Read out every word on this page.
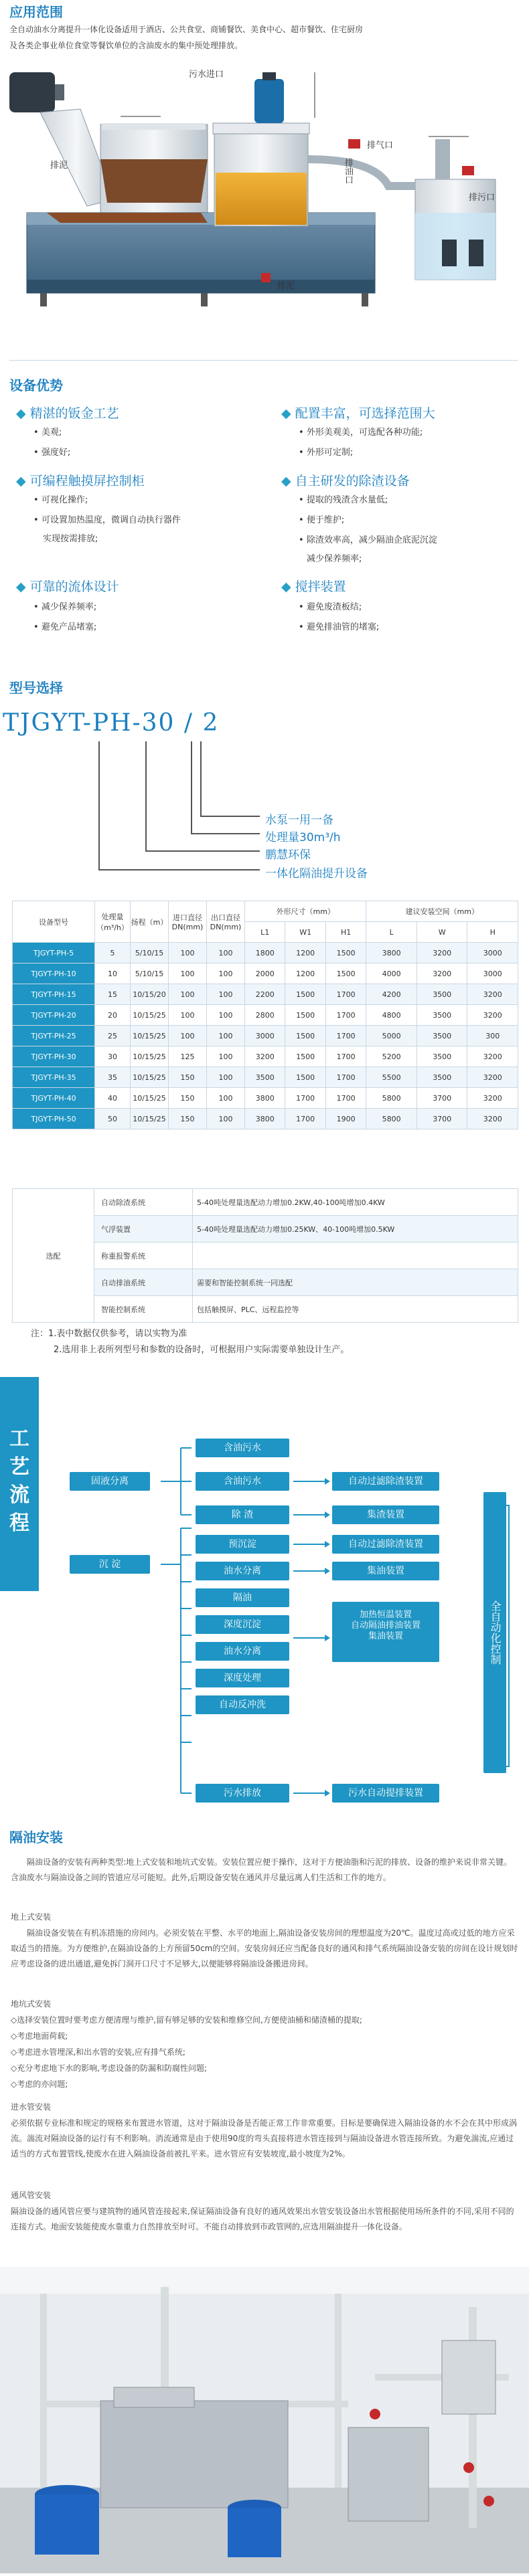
应用范围
全自动油水分离提升一体化设备适用于酒店、公共食堂、商铺餐饮、美食中心、超市餐饮、住宅厨房
及各类企事业单位食堂等餐饮单位的含油废水的集中预处理排放。
污水进口
排泥
排气口
排油口
排污口
排泥
设备优势
◆ 精湛的钣金工艺
• 美观;
• 强度好;
◆ 配置丰富，可选择范围大
• 外形美观美，可选配各种功能;
• 外形可定制;
◆ 可编程触摸屏控制柜
• 可视化操作;
• 可设置加热温度，微调自动执行器件
实现按需排放;
◆ 自主研发的除渣设备
• 提取的残渣含水量低;
• 便于维护;
• 除渣效率高，减少隔油企底泥沉淀
减少保养频率;
◆ 可靠的流体设计
• 减少保养频率;
• 避免产品堵塞;
◆ 搅拌装置
• 避免废渣板结;
• 避免排油管的堵塞;
型号选择
TJGYT-PH-30 / 2
水泵一用一备
处理量30m³/h
鹏慧环保
一体化隔油提升设备
设备型号	处理量（m³/h）	扬程（m）	进口直径DN(mm)	出口直径DN(mm)	外形尺寸（mm）			建议安装空间（mm）		
					L1	W1	H1	L	W	H
TJGYT-PH-5	5	5/10/15	100	100	1800	1200	1500	3800	3200	3000
TJGYT-PH-10	10	5/10/15	100	100	2000	1200	1500	4000	3200	3000
TJGYT-PH-15	15	10/15/20	100	100	2200	1500	1700	4200	3500	3200
TJGYT-PH-20	20	10/15/25	100	100	2800	1500	1700	4800	3500	3200
TJGYT-PH-25	25	10/15/25	100	100	3000	1500	1700	5000	3500	300
TJGYT-PH-30	30	10/15/25	125	100	3200	1500	1700	5200	3500	3200
TJGYT-PH-35	35	10/15/25	150	100	3500	1500	1700	5500	3500	3200
TJGYT-PH-40	40	10/15/25	150	100	3800	1700	1700	5800	3700	3200
TJGYT-PH-50	50	10/15/25	150	100	3800	1700	1900	5800	3700	3200
选配	自动除渣系统	5-40吨处理量选配动力增加0.2KW,40-100吨增加0.4KW
	气浮装置	5-40吨处理量选配动力增加0.25KW、40-100吨增加0.5KW
	称重报警系统	
	自动排油系统	需要和智能控制系统一同选配
	智能控制系统	包括触摸屏、PLC、远程监控等
注：1.表中数据仅供参考，请以实物为准
2.选用非上表所列型号和参数的设备时，可根据用户实际需要单独设计生产。
工
艺
流
程
固液分离
沉 淀
含油污水
含油污水
除 渣
预沉淀
油水分离
隔油
深度沉淀
油水分离
深度处理
自动反冲洗
污水排放
自动过滤除渣装置
集渣装置
自动过滤除渣装置
集油装置
加热恒温装置
自动隔油排油装置
集油装置
污水自动提排装置
全自动化控制
隔油安装
隔油设备的安装有两种类型:地上式安装和地坑式安装。安装位置应便于操作，这对于方便油脂和污泥的排放、设备的维护来说非常关键。含油废水与隔油设备之间的管道应尽可能短。此外,后期设备安装在通风并尽量远离人们生活和工作的地方。
地上式安装
隔油设备安装在有机冻措施的房间内。必须安装在平整、水平的地面上,隔油设备安装房间的理想温度为20℃。温度过高或过低的地方应采取适当的措施。为方便维护,在隔油设备的上方预留50cm的空间。安装房间还应当配备良好的通风和排气系统隔油设备安装的房间在设计规划时应考虑设备的进出通道,避免拆门洞开口尺寸不足够大,以便能够将隔油设备搬进房间。
地坑式安装
◇选择安装位置时要考虑方便清理与维护,留有够足够的安装和维修空间,方便使油桶和储渣桶的提取;
◇考虑地面荷载;
◇考虑进水管埋深,和出水管的安装,应有排气系统;
◇充分考虑地下水的影响,考虑设备的防漏和防腐性问题;
◇考虑的亦问题;
进水管安装
必须依据专业标准和规定的规格来布置进水管道，这对于隔油设备是否能正常工作非常重要。目标是要确保进入隔油设备的水不会在其中形成涡流。湍流对隔油设备的运行有不利影响。消流通常是由于使用90度的弯头直接将进水管连接到与隔油设备进水管连接所致。为避免湍流,应通过适当的方式布置管线,使废水在进入隔油设备前被扎平来。进水管应有安装坡度,最小坡度为2%。
通风管安装
隔油设备的通风管应要与建筑物的通风管连接起来,保证隔油设备有良好的通风效果出水管安装设备出水管根据使用场所条件的不同,采用不同的连接方式。地面安装能使废水靠重力自然排放至时可。不能自动排放到市政管网的,应选用隔油提升一体化设备。
